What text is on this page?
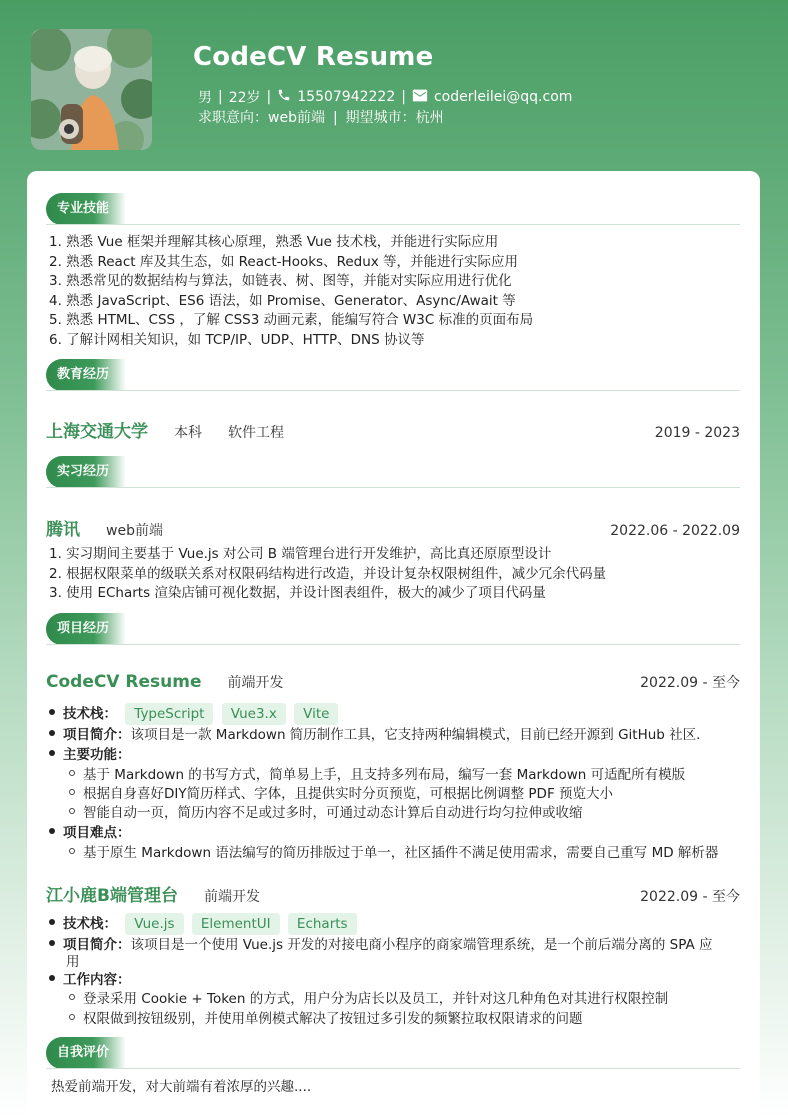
CodeCV Resume
男 | 22岁 | 15507942222 | coderleilei@qq.com
求职意向：web前端 | 期望城市：杭州
专业技能
1. 熟悉 Vue 框架并理解其核心原理，熟悉 Vue 技术栈，并能进行实际应用
2. 熟悉 React 库及其生态，如 React-Hooks、Redux 等，并能进行实际应用
3. 熟悉常见的数据结构与算法，如链表、树、图等，并能对实际应用进行优化
4. 熟悉 JavaScript、ES6 语法，如 Promise、Generator、Async/Await 等
5. 熟悉 HTML、CSS ，了解 CSS3 动画元素，能编写符合 W3C 标准的页面布局
6. 了解计网相关知识，如 TCP/IP、UDP、HTTP、DNS 协议等
教育经历
上海交通大学 本科 软件工程	2019 - 2023
实习经历
腾讯 web前端	2022.06 - 2022.09
1. 实习期间主要基于 Vue.js 对公司 B 端管理台进行开发维护，高比真还原原型设计
2. 根据权限菜单的级联关系对权限码结构进行改造，并设计复杂权限树组件，减少冗余代码量
3. 使用 ECharts 渲染店铺可视化数据，并设计图表组件，极大的减少了项目代码量
项目经历
CodeCV Resume 前端开发	2022.09 - 至今
技术栈： TypeScript Vue3.x Vite
项目简介：该项目是一款 Markdown 简历制作工具，它支持两种编辑模式，目前已经开源到 GitHub 社区.
主要功能：
基于 Markdown 的书写方式，简单易上手，且支持多列布局，编写一套 Markdown 可适配所有模版
根据自身喜好DIY简历样式、字体，且提供实时分页预览，可根据比例调整 PDF 预览大小
智能自动一页，简历内容不足或过多时，可通过动态计算后自动进行均匀拉伸或收缩
项目难点：
基于原生 Markdown 语法编写的简历排版过于单一，社区插件不满足使用需求，需要自己重写 MD 解析器
江小鹿B端管理台 前端开发	2022.09 - 至今
技术栈： Vue.js ElementUI Echarts
项目简介：该项目是一个使用 Vue.js 开发的对接电商小程序的商家端管理系统，是一个前后端分离的 SPA 应
用
工作内容：
登录采用 Cookie + Token 的方式，用户分为店长以及员工，并针对这几种角色对其进行权限控制
权限做到按钮级别，并使用单例模式解决了按钮过多引发的频繁拉取权限请求的问题
自我评价
热爱前端开发，对大前端有着浓厚的兴趣....
